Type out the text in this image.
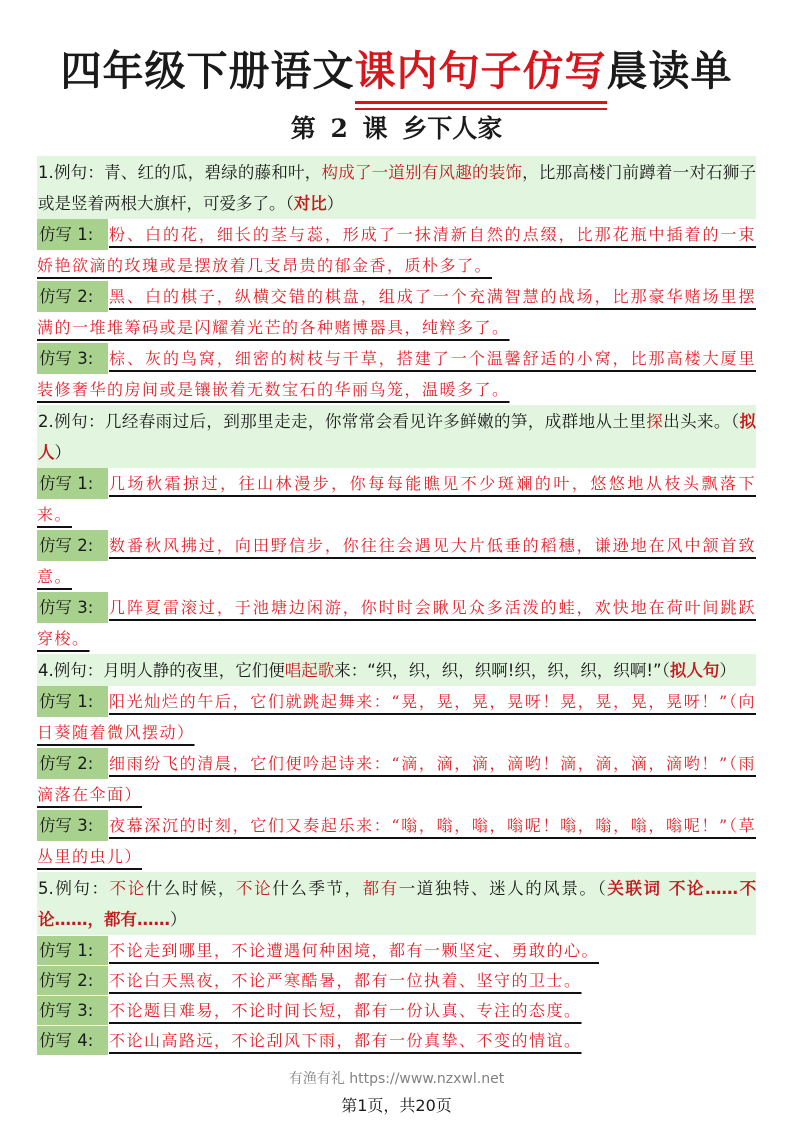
四年级下册语文课内句子仿写晨读单
第 2 课 乡下人家
1.例句：青、红的瓜，碧绿的藤和叶，构成了一道别有风趣的装饰，比那高楼门前蹲着一对石狮子或是竖着两根大旗杆，可爱多了。（对比）
仿写 1: 粉、白的花，细长的茎与蕊，形成了一抹清新自然的点缀，比那花瓶中插着的一束娇艳欲滴的玫瑰或是摆放着几支昂贵的郁金香，质朴多了。
仿写 2: 黑、白的棋子，纵横交错的棋盘，组成了一个充满智慧的战场，比那豪华赌场里摆满的一堆堆筹码或是闪耀着光芒的各种赌博器具，纯粹多了。
仿写 3: 棕、灰的鸟窝，细密的树枝与干草，搭建了一个温馨舒适的小窝，比那高楼大厦里装修奢华的房间或是镶嵌着无数宝石的华丽鸟笼，温暖多了。
2.例句：几经春雨过后，到那里走走，你常常会看见许多鲜嫩的笋，成群地从土里探出头来。（拟人）
仿写 1: 几场秋霜掠过，往山林漫步，你每每能瞧见不少斑斓的叶，悠悠地从枝头飘落下来。
仿写 2: 数番秋风拂过，向田野信步，你往往会遇见大片低垂的稻穗，谦逊地在风中颔首致意。
仿写 3: 几阵夏雷滚过，于池塘边闲游，你时时会瞅见众多活泼的蛙，欢快地在荷叶间跳跃穿梭。
4.例句：月明人静的夜里，它们便唱起歌来：“织，织，织，织啊!织，织，织，织啊!”（拟人句）
仿写 1: 阳光灿烂的午后，它们就跳起舞来：“晃，晃，晃，晃呀！晃，晃，晃，晃呀！”（向日葵随着微风摆动）
仿写 2: 细雨纷飞的清晨，它们便吟起诗来：“滴，滴，滴，滴哟！滴，滴，滴，滴哟！”（雨滴落在伞面）
仿写 3: 夜幕深沉的时刻，它们又奏起乐来：“嗡，嗡，嗡，嗡呢！嗡，嗡，嗡，嗡呢！”（草丛里的虫儿）
5.例句：不论什么时候，不论什么季节，都有一道独特、迷人的风景。（关联词 不论……不论……，都有……）
仿写 1: 不论走到哪里，不论遭遇何种困境，都有一颗坚定、勇敢的心。
仿写 2: 不论白天黑夜，不论严寒酷暑，都有一位执着、坚守的卫士。
仿写 3: 不论题目难易，不论时间长短，都有一份认真、专注的态度。
仿写 4: 不论山高路远，不论刮风下雨，都有一份真挚、不变的情谊。
有渔有礼 https://www.nzxwl.net
第1页，共20页
